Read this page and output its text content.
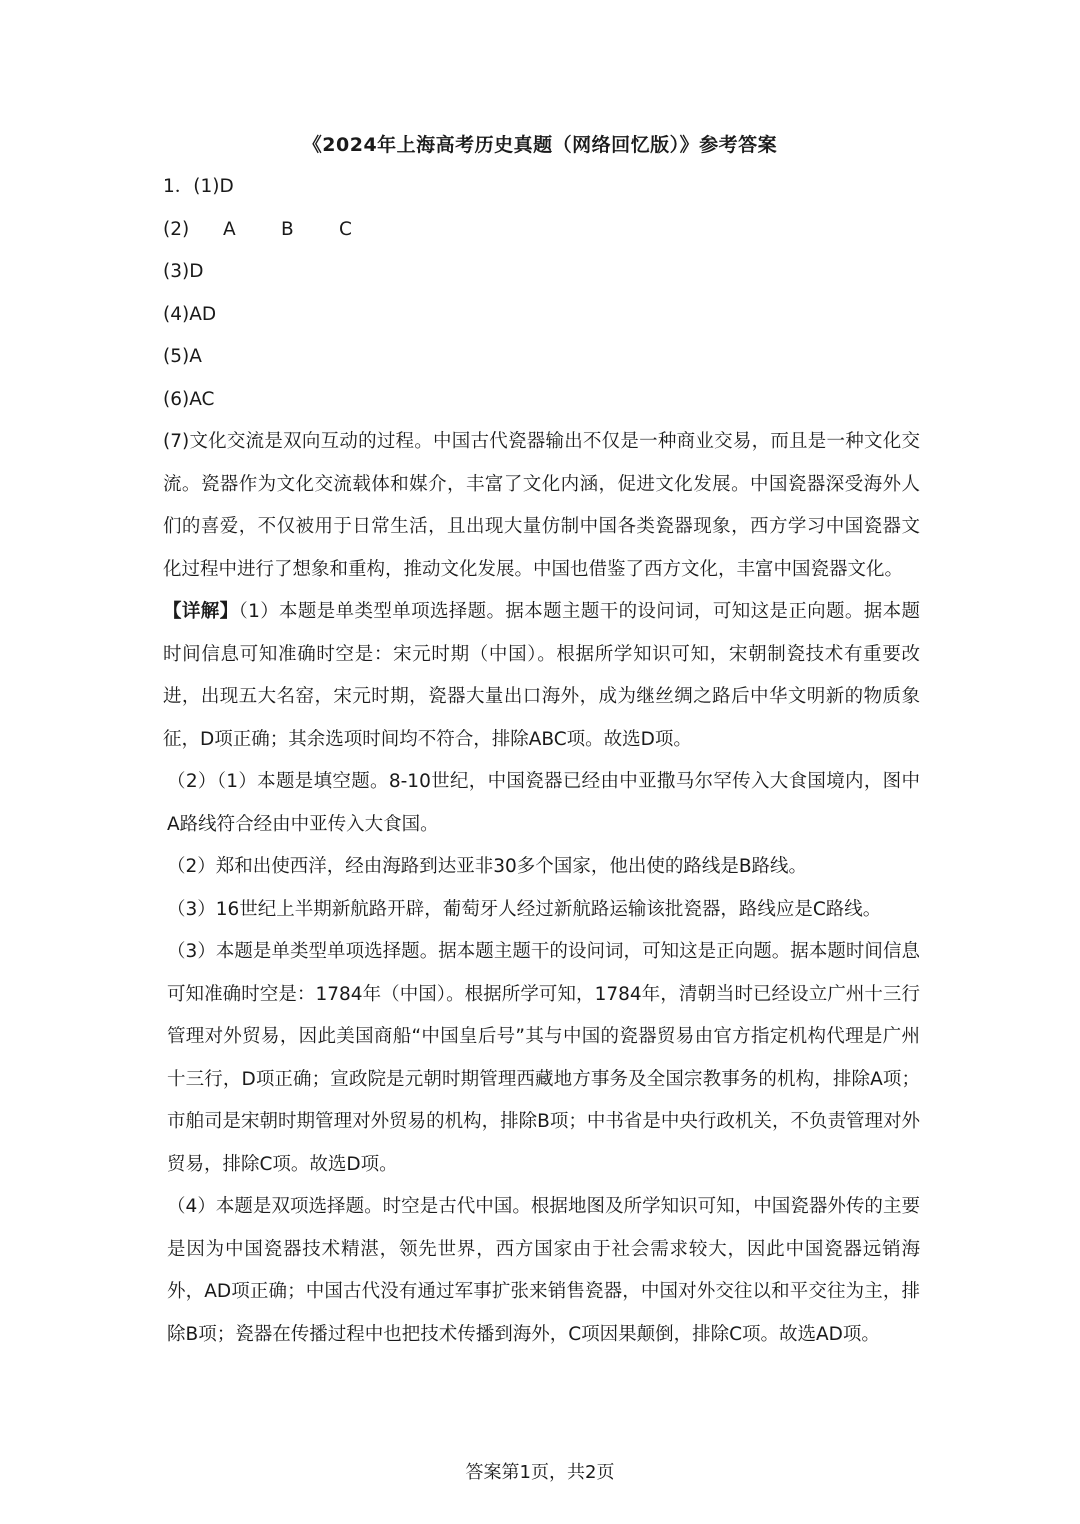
《2024年上海高考历史真题（网络回忆版）》参考答案
1．(1)D
(2) A B C
(3)D
(4)AD
(5)A
(6)AC
(7)文化交流是双向互动的过程。中国古代瓷器输出不仅是一种商业交易，而且是一种文化交流。瓷器作为文化交流载体和媒介，丰富了文化内涵，促进文化发展。中国瓷器深受海外人们的喜爱，不仅被用于日常生活，且出现大量仿制中国各类瓷器现象，西方学习中国瓷器文化过程中进行了想象和重构，推动文化发展。中国也借鉴了西方文化，丰富中国瓷器文化。
【详解】（1）本题是单类型单项选择题。据本题主题干的设问词，可知这是正向题。据本题时间信息可知准确时空是：宋元时期（中国）。根据所学知识可知，宋朝制瓷技术有重要改进，出现五大名窑，宋元时期，瓷器大量出口海外，成为继丝绸之路后中华文明新的物质象征，D项正确；其余选项时间均不符合，排除ABC项。故选D项。
（2）（1）本题是填空题。8-10世纪，中国瓷器已经由中亚撒马尔罕传入大食国境内，图中A路线符合经由中亚传入大食国。
（2）郑和出使西洋，经由海路到达亚非30多个国家，他出使的路线是B路线。
（3）16世纪上半期新航路开辟，葡萄牙人经过新航路运输该批瓷器，路线应是C路线。
（3）本题是单类型单项选择题。据本题主题干的设问词，可知这是正向题。据本题时间信息可知准确时空是：1784年（中国）。根据所学可知，1784年，清朝当时已经设立广州十三行管理对外贸易，因此美国商船“中国皇后号”其与中国的瓷器贸易由官方指定机构代理是广州十三行，D项正确；宣政院是元朝时期管理西藏地方事务及全国宗教事务的机构，排除A项；市舶司是宋朝时期管理对外贸易的机构，排除B项；中书省是中央行政机关，不负责管理对外贸易，排除C项。故选D项。
（4）本题是双项选择题。时空是古代中国。根据地图及所学知识可知，中国瓷器外传的主要是因为中国瓷器技术精湛，领先世界，西方国家由于社会需求较大，因此中国瓷器远销海外，AD项正确；中国古代没有通过军事扩张来销售瓷器，中国对外交往以和平交往为主，排除B项；瓷器在传播过程中也把技术传播到海外，C项因果颠倒，排除C项。故选AD项。
答案第1页，共2页
